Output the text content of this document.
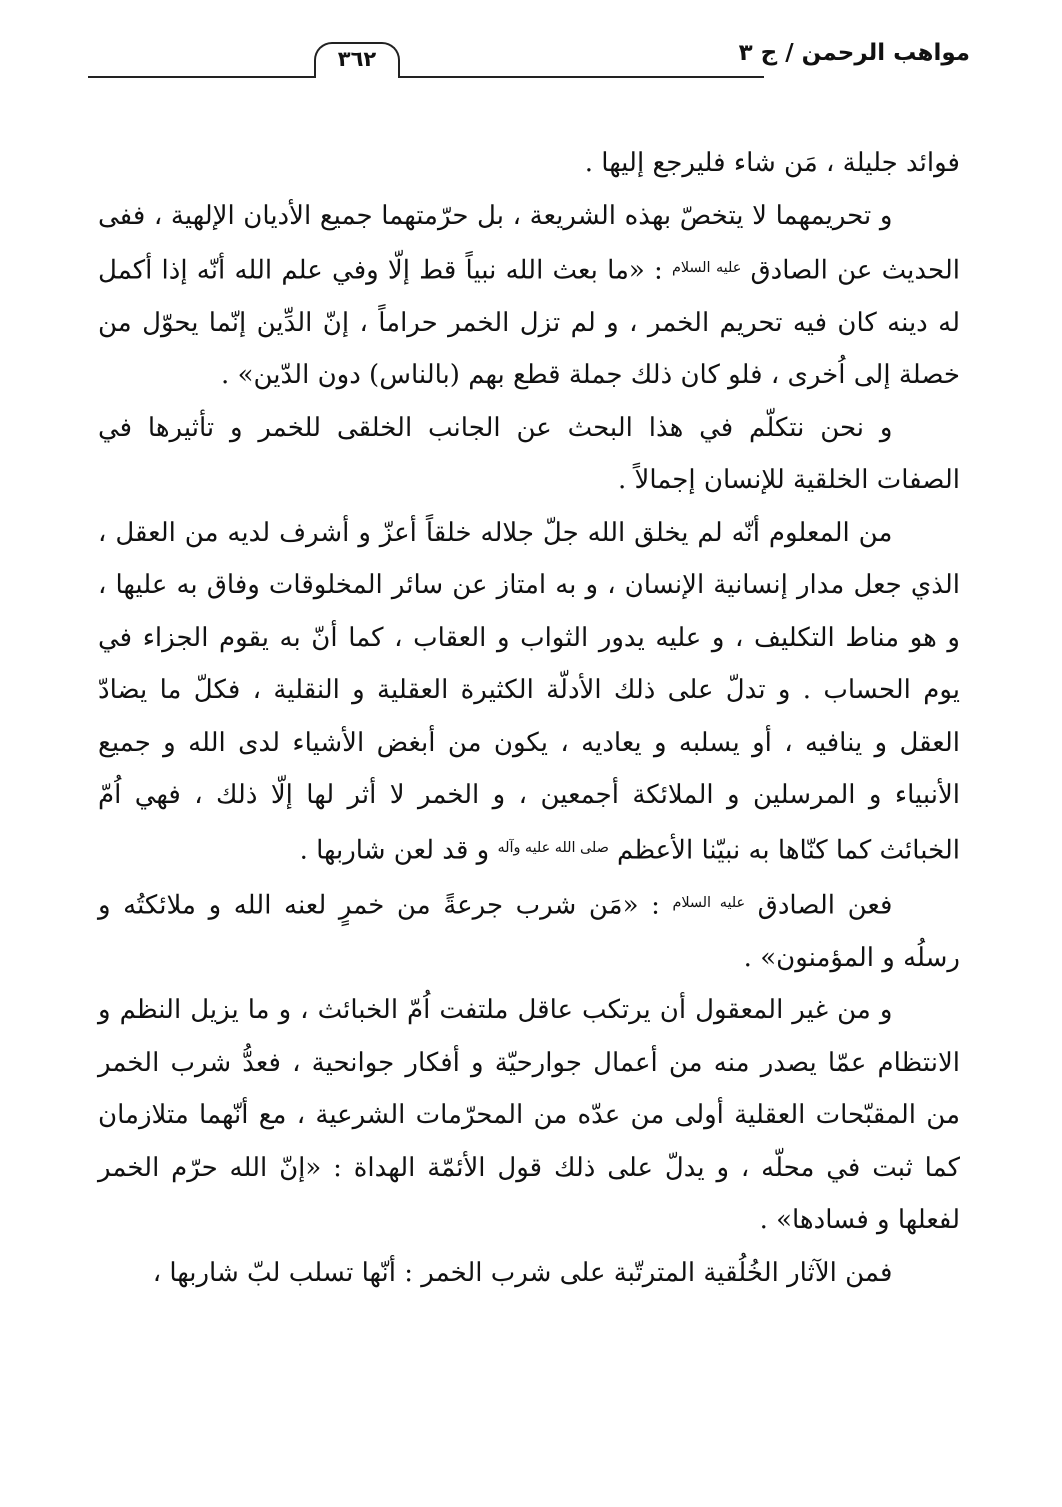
مواهب الرحمن / ج ٣
٣٦٢

فوائد جليلة ، مَن شاء فليرجع إليها .

و تحريمهما لا يتخصّ بهذه الشريعة ، بل حرّمتهما جميع الأديان الإلهية ، ففى الحديث عن الصادق $^{عليه السلام}$ : «ما بعث الله نبياً قط إلّا وفي علم الله أنّه إذا أكمل له دينه كان فيه تحريم الخمر ، و لم تزل الخمر حراماً ، إنّ الدِّين إنّما يحوّل من خصلة إلى اُخرى ، فلو كان ذلك جملة قطع بهم (بالناس) دون الدّين» .

و نحن نتكلّم في هذا البحث عن الجانب الخلقى للخمر و تأثيرها في الصفات الخلقية للإنسان إجمالاً .

من المعلوم أنّه لم يخلق الله جلّ جلاله خلقاً أعزّ و أشرف لديه من العقل ، الذي جعل مدار إنسانية الإنسان ، و به امتاز عن سائر المخلوقات وفاق به عليها ، و هو مناط التكليف ، و عليه يدور الثواب و العقاب ، كما أنّ به يقوم الجزاء في يوم الحساب . و تدلّ على ذلك الأدلّة الكثيرة العقلية و النقلية ، فكلّ ما يضادّ العقل و ينافيه ، أو يسلبه و يعاديه ، يكون من أبغض الأشياء لدى الله و جميع الأنبياء و المرسلين و الملائكة أجمعين ، و الخمر لا أثر لها إلّا ذلك ، فهي اُمّ الخبائث كما كنّاها به نبيّنا الأعظم $^{صلى الله عليه وآله}$ و قد لعن شاربها .

فعن الصادق $^{عليه السلام}$ : «مَن شرب جرعةً من خمرٍ لعنه الله و ملائكتُه و رسلُه و المؤمنون» .

و من غير المعقول أن يرتكب عاقل ملتفت اُمّ الخبائث ، و ما يزيل النظم و الانتظام عمّا يصدر منه من أعمال جوارحيّة و أفكار جوانحية ، فعدُّ شرب الخمر من المقبّحات العقلية أولى من عدّه من المحرّمات الشرعية ، مع أنّهما متلازمان كما ثبت في محلّه ، و يدلّ على ذلك قول الأئمّة الهداة : «إنّ الله حرّم الخمر لفعلها و فسادها» .

فمن الآثار الخُلُقية المترتّبة على شرب الخمر : أنّها تسلب لبّ شاربها ،
